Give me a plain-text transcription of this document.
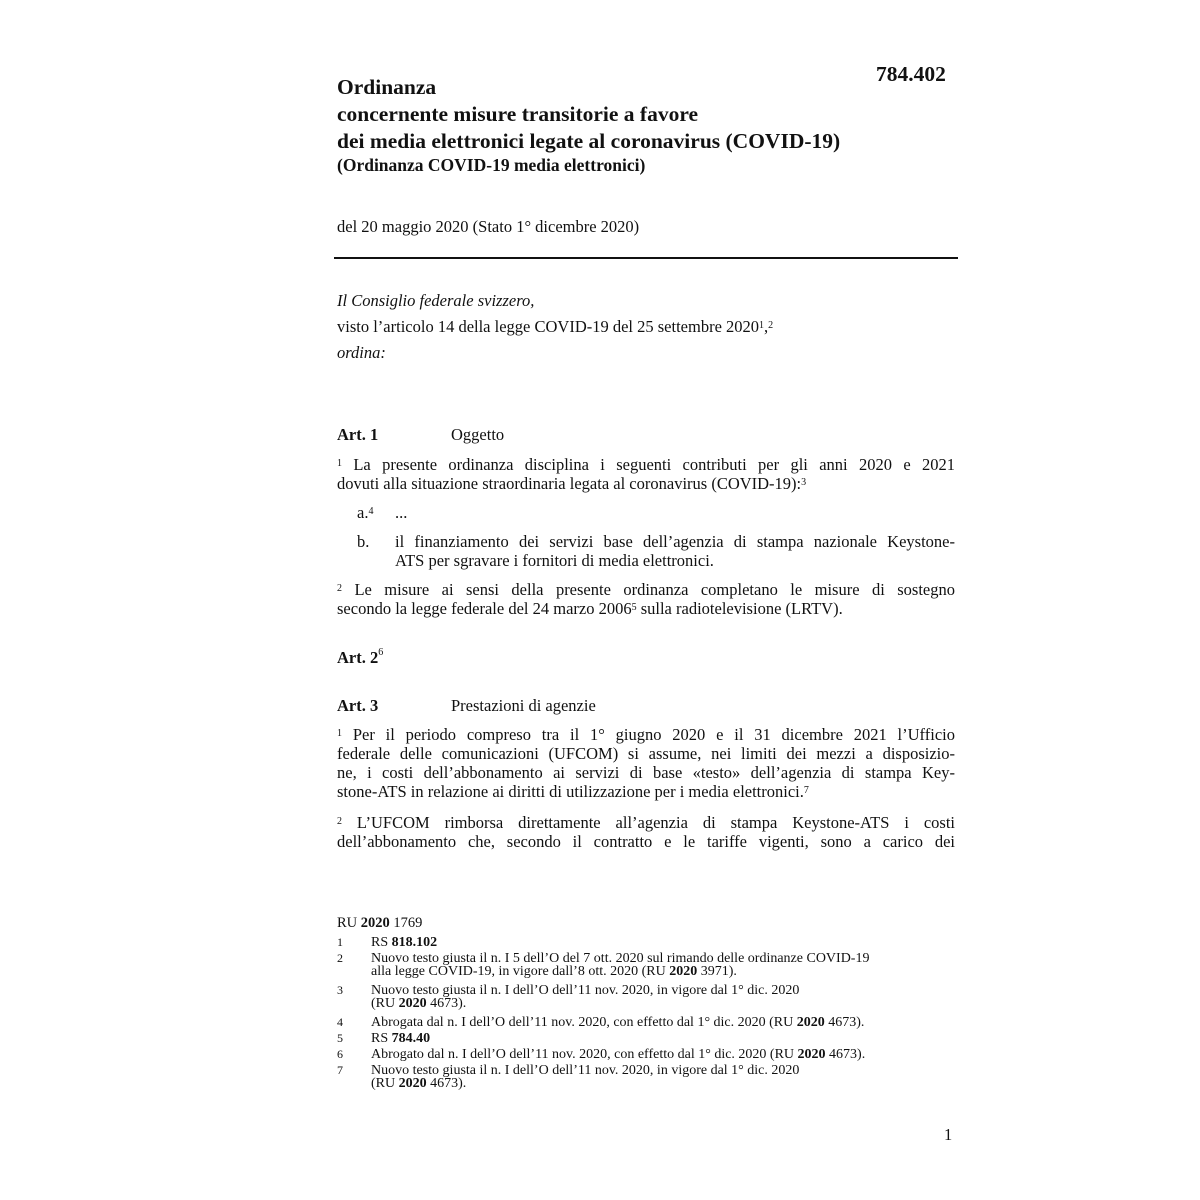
784.402
Ordinanza
concernente misure transitorie a favore
dei media elettronici legate al coronavirus (COVID-19)
(Ordinanza COVID-19 media elettronici)
del 20 maggio 2020 (Stato 1° dicembre 2020)
Il Consiglio federale svizzero,
visto l’articolo 14 della legge COVID-19 del 25 settembre 2020$^1$,$^2$
ordina:
Art. 1	Oggetto
$^1$ La presente ordinanza disciplina i seguenti contributi per gli anni 2020 e 2021
dovuti alla situazione straordinaria legata al coronavirus (COVID-19):$^3$
a.$^4$ ...
b. il finanziamento dei servizi base dell’agenzia di stampa nazionale Keystone-
ATS per sgravare i fornitori di media elettronici.
$^2$ Le misure ai sensi della presente ordinanza completano le misure di sostegno
secondo la legge federale del 24 marzo 2006$^5$ sulla radiotelevisione (LRTV).
Art. $2^6$
Art. 3	Prestazioni di agenzie
$^1$ Per il periodo compreso tra il 1° giugno 2020 e il 31 dicembre 2021 l’Ufficio
federale delle comunicazioni (UFCOM) si assume, nei limiti dei mezzi a disposizio-
ne, i costi dell’abbonamento ai servizi di base «testo» dell’agenzia di stampa Key-
stone-ATS in relazione ai diritti di utilizzazione per i media elettronici.$^7$
$^2$ L’UFCOM rimborsa direttamente all’agenzia di stampa Keystone-ATS i costi
dell’abbonamento che, secondo il contratto e le tariffe vigenti, sono a carico dei
RU 2020 1769
1 RS 818.102
2 Nuovo testo giusta il n. I 5 dell’O del 7 ott. 2020 sul rimando delle ordinanze COVID-19
alla legge COVID-19, in vigore dall’8 ott. 2020 (RU 2020 3971).
3 Nuovo testo giusta il n. I dell’O dell’11 nov. 2020, in vigore dal 1° dic. 2020
(RU 2020 4673).
4 Abrogata dal n. I dell’O dell’11 nov. 2020, con effetto dal 1° dic. 2020 (RU 2020 4673).
5 RS 784.40
6 Abrogato dal n. I dell’O dell’11 nov. 2020, con effetto dal 1° dic. 2020 (RU 2020 4673).
7 Nuovo testo giusta il n. I dell’O dell’11 nov. 2020, in vigore dal 1° dic. 2020
(RU 2020 4673).
1
